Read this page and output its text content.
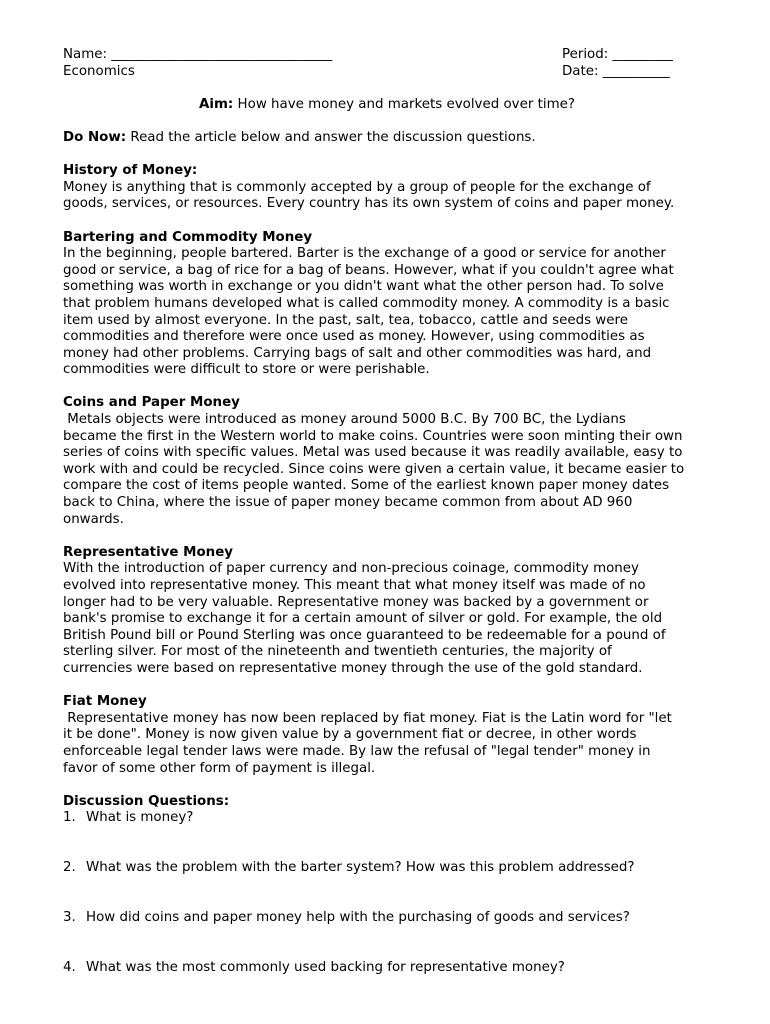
Name: _________________________________
Economics
Period: _________
Date: __________
Aim: How have money and markets evolved over time?
Do Now: Read the article below and answer the discussion questions.
History of Money:
Money is anything that is commonly accepted by a group of people for the exchange of
goods, services, or resources. Every country has its own system of coins and paper money.
Bartering and Commodity Money
In the beginning, people bartered. Barter is the exchange of a good or service for another
good or service, a bag of rice for a bag of beans. However, what if you couldn't agree what
something was worth in exchange or you didn't want what the other person had. To solve
that problem humans developed what is called commodity money. A commodity is a basic
item used by almost everyone. In the past, salt, tea, tobacco, cattle and seeds were
commodities and therefore were once used as money. However, using commodities as
money had other problems. Carrying bags of salt and other commodities was hard, and
commodities were difficult to store or were perishable.
Coins and Paper Money
Metals objects were introduced as money around 5000 B.C. By 700 BC, the Lydians
became the first in the Western world to make coins. Countries were soon minting their own
series of coins with specific values. Metal was used because it was readily available, easy to
work with and could be recycled. Since coins were given a certain value, it became easier to
compare the cost of items people wanted. Some of the earliest known paper money dates
back to China, where the issue of paper money became common from about AD 960
onwards.
Representative Money
With the introduction of paper currency and non-precious coinage, commodity money
evolved into representative money. This meant that what money itself was made of no
longer had to be very valuable. Representative money was backed by a government or
bank's promise to exchange it for a certain amount of silver or gold. For example, the old
British Pound bill or Pound Sterling was once guaranteed to be redeemable for a pound of
sterling silver. For most of the nineteenth and twentieth centuries, the majority of
currencies were based on representative money through the use of the gold standard.
Fiat Money
Representative money has now been replaced by fiat money. Fiat is the Latin word for "let
it be done". Money is now given value by a government fiat or decree, in other words
enforceable legal tender laws were made. By law the refusal of "legal tender" money in
favor of some other form of payment is illegal.
Discussion Questions:
1. What is money?
2. What was the problem with the barter system? How was this problem addressed?
3. How did coins and paper money help with the purchasing of goods and services?
4. What was the most commonly used backing for representative money?
